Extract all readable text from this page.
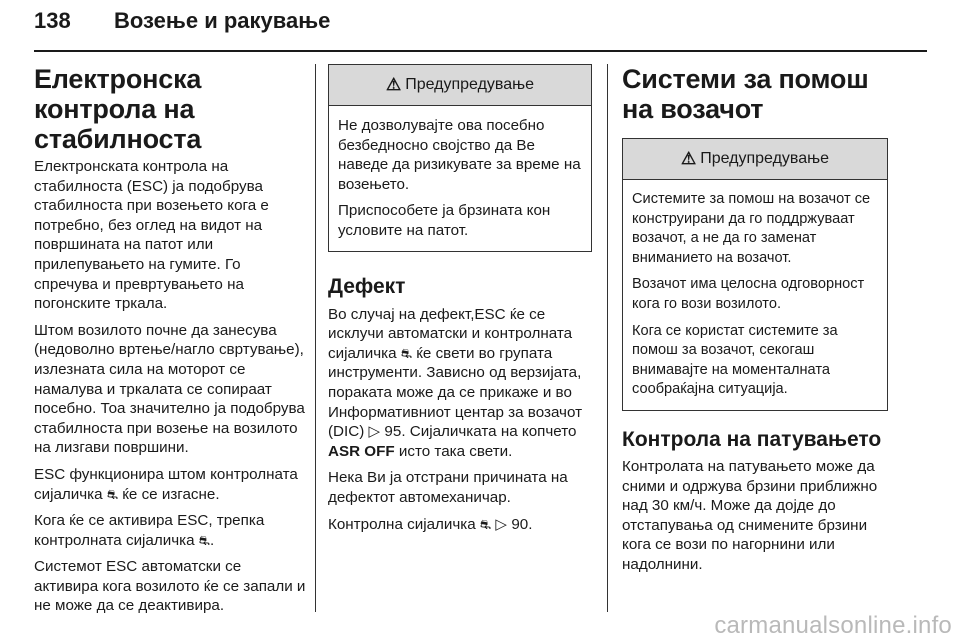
138 Возење и ракување
Електронска контрола на стабилноста

Електронската контрола на стабилноста (ESC) ја подобрува стабилноста при возењето кога е потребно, без оглед на видот на површината на патот или прилепувањето на гумите. Го спречува и превртувањето на погонските тркала.

Штом возилото почне да занесува (недоволно вртење/нагло свртување), излезната сила на моторот се намалува и тркалата се сопираат посебно. Тоа значително ја подобрува стабилноста при возење на возилото на лизгави површини.

ESC функционира штом контролната сијаличка ⛐ ќе се изгасне.

Кога ќе се активира ESC, трепка контролната сијаличка ⛐.

Системот ESC автоматски се активира кога возилото ќе се запали и не може да се деактивира.

⚠ Предупредување

Не дозволувајте ова посебно безбедносно својство да Ве наведе да ризикувате за време на возењето.

Приспособете ја брзината кон условите на патот.

Дефект

Во случај на дефект,ESC ќе се исклучи автоматски и контролната сијаличка ⛐ ќе свети во групата инструменти. Зависно од верзијата, пораката може да се прикаже и во Информативниот центар за возачот (DIC) ▷ 95. Сијаличката на копчето ASR OFF исто така свети.

Нека Ви ја отстрани причината на дефектот автомеханичар.

Контролна сијаличка ⛐ ▷ 90.

Системи за помош на возачот
⚠ Предупредување

Системите за помош на возачот се конструирани да го поддржуваат возачот, а не да го заменат вниманието на возачот.

Возачот има целосна одговорност кога го вози возилото.

Кога се користат системите за помош за возачот, секогаш внимавајте на моменталната сообраќајна ситуација.

Контрола на патувањето

Контролата на патувањето може да сними и одржува брзини приближно над 30 км/ч. Може да дојде до отстапувања од снимените брзини кога се вози по нагорнини или надолнини.

carmanualsonline.info
